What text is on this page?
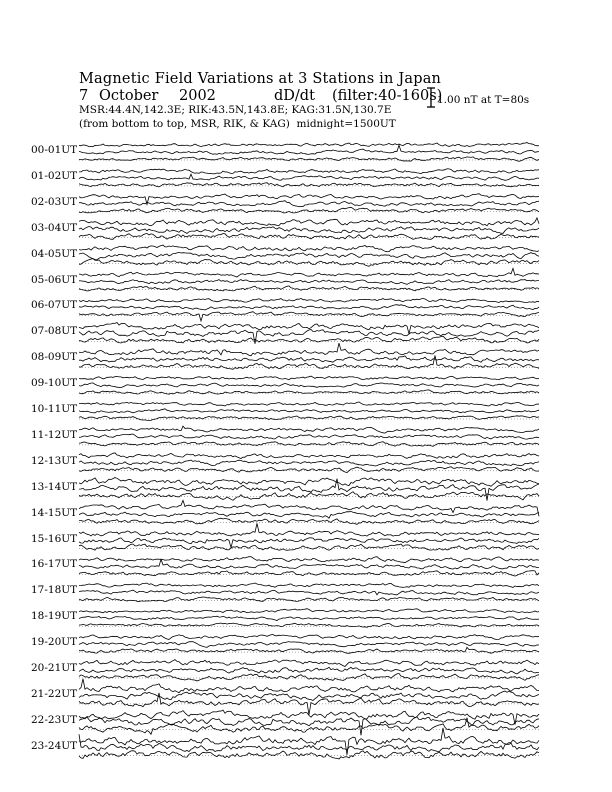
Magnetic Field Variations at 3 Stations in Japan
7 October 2002	dD/dt (filter:40-160s)
MSR:44.4N,142.3E; RIK:43.5N,143.8E; KAG:31.5N,130.7E
(from bottom to top, MSR, RIK, & KAG) midnight=1500UT
1.00 nT at T=80s
00-01UT
01-02UT
02-03UT
03-04UT
04-05UT
05-06UT
06-07UT
07-08UT
08-09UT
09-10UT
10-11UT
11-12UT
12-13UT
13-14UT
14-15UT
15-16UT
16-17UT
17-18UT
18-19UT
19-20UT
20-21UT
21-22UT
22-23UT
23-24UT
